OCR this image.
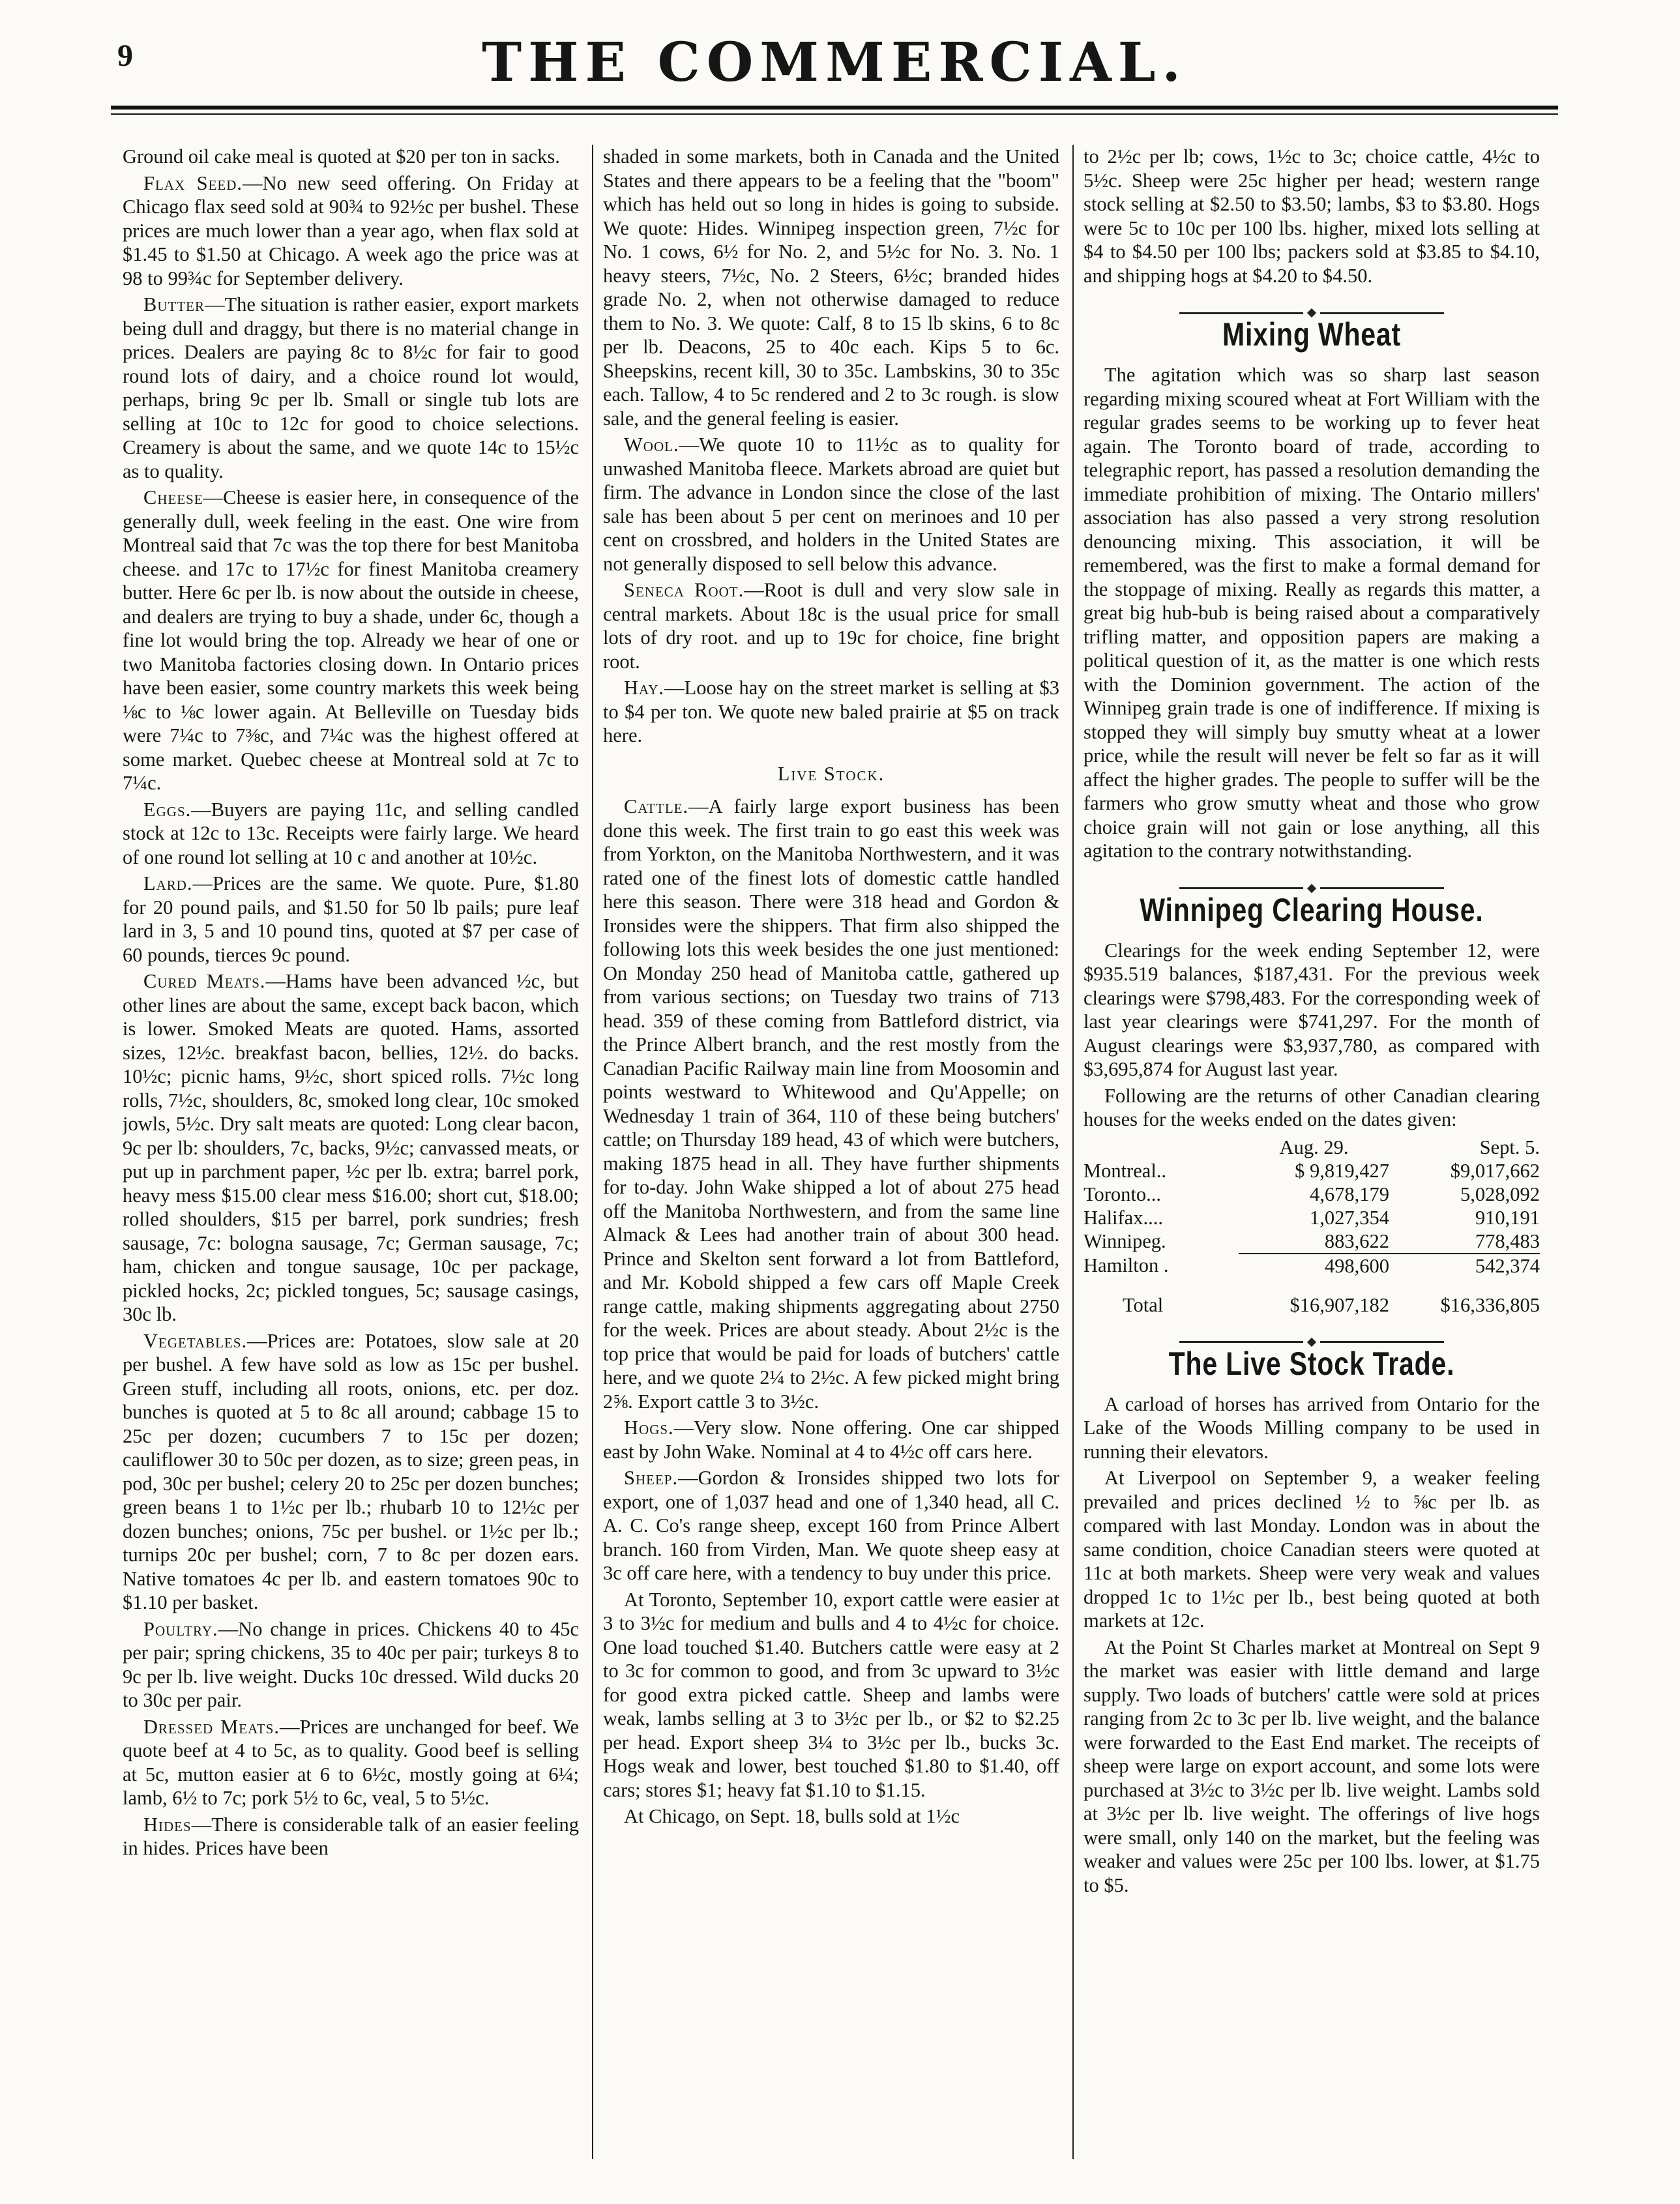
9	THE COMMERCIAL.

Ground oil cake meal is quoted at $20 per ton in sacks.

Flax Seed.—No new seed offering. On Friday at Chicago flax seed sold at 90¾ to 92½c per bushel. These prices are much lower than a year ago, when flax sold at $1.45 to $1.50 at Chicago. A week ago the price was at 98 to 99¾c for September delivery.

Butter—The situation is rather easier, export markets being dull and draggy, but there is no material change in prices. Dealers are paying 8c to 8½c for fair to good round lots of dairy, and a choice round lot would, perhaps, bring 9c per lb. Small or single tub lots are selling at 10c to 12c for good to choice selections. Creamery is about the same, and we quote 14c to 15½c as to quality.

Cheese—Cheese is easier here, in consequence of the generally dull, week feeling in the east. One wire from Montreal said that 7c was the top there for best Manitoba cheese. and 17c to 17½c for finest Manitoba creamery butter. Here 6c per lb. is now about the outside in cheese, and dealers are trying to buy a shade, under 6c, though a fine lot would bring the top. Already we hear of one or two Manitoba factories closing down. In Ontario prices have been easier, some country markets this week being ⅛c to ⅛c lower again. At Belleville on Tuesday bids were 7¼c to 7⅜c, and 7¼c was the highest offered at some market. Quebec cheese at Montreal sold at 7c to 7¼c.

Eggs.—Buyers are paying 11c, and selling candled stock at 12c to 13c. Receipts were fairly large. We heard of one round lot selling at 10 c and another at 10½c.

Lard.—Prices are the same. We quote. Pure, $1.80 for 20 pound pails, and $1.50 for 50 lb pails; pure leaf lard in 3, 5 and 10 pound tins, quoted at $7 per case of 60 pounds, tierces 9c pound.

Cured Meats.—Hams have been advanced ½c, but other lines are about the same, except back bacon, which is lower. Smoked Meats are quoted. Hams, assorted sizes, 12½c. breakfast bacon, bellies, 12½. do backs. 10½c; picnic hams, 9½c, short spiced rolls. 7½c long rolls, 7½c, shoulders, 8c, smoked long clear, 10c smoked jowls, 5½c. Dry salt meats are quoted: Long clear bacon, 9c per lb: shoulders, 7c, backs, 9½c; canvassed meats, or put up in parchment paper, ½c per lb. extra; barrel pork, heavy mess $15.00 clear mess $16.00; short cut, $18.00; rolled shoulders, $15 per barrel, pork sundries; fresh sausage, 7c: bologna sausage, 7c; German sausage, 7c; ham, chicken and tongue sausage, 10c per package, pickled hocks, 2c; pickled tongues, 5c; sausage casings, 30c lb.

Vegetables.—Prices are: Potatoes, slow sale at 20 per bushel. A few have sold as low as 15c per bushel. Green stuff, including all roots, onions, etc. per doz. bunches is quoted at 5 to 8c all around; cabbage 15 to 25c per dozen; cucumbers 7 to 15c per dozen; cauliflower 30 to 50c per dozen, as to size; green peas, in pod, 30c per bushel; celery 20 to 25c per dozen bunches; green beans 1 to 1½c per lb.; rhubarb 10 to 12½c per dozen bunches; onions, 75c per bushel. or 1½c per lb.; turnips 20c per bushel; corn, 7 to 8c per dozen ears. Native tomatoes 4c per lb. and eastern tomatoes 90c to $1.10 per basket.

Poultry.—No change in prices. Chickens 40 to 45c per pair; spring chickens, 35 to 40c per pair; turkeys 8 to 9c per lb. live weight. Ducks 10c dressed. Wild ducks 20 to 30c per pair.

Dressed Meats.—Prices are unchanged for beef. We quote beef at 4 to 5c, as to quality. Good beef is selling at 5c, mutton easier at 6 to 6½c, mostly going at 6¼; lamb, 6½ to 7c; pork 5½ to 6c, veal, 5 to 5½c.

Hides—There is considerable talk of an easier feeling in hides. Prices have been

shaded in some markets, both in Canada and the United States and there appears to be a feeling that the "boom" which has held out so long in hides is going to subside. We quote: Hides. Winnipeg inspection green, 7½c for No. 1 cows, 6½ for No. 2, and 5½c for No. 3. No. 1 heavy steers, 7½c, No. 2 Steers, 6½c; branded hides grade No. 2, when not otherwise damaged to reduce them to No. 3. We quote: Calf, 8 to 15 lb skins, 6 to 8c per lb. Deacons, 25 to 40c each. Kips 5 to 6c. Sheepskins, recent kill, 30 to 35c. Lambskins, 30 to 35c each. Tallow, 4 to 5c rendered and 2 to 3c rough. is slow sale, and the general feeling is easier.

Wool.—We quote 10 to 11½c as to quality for unwashed Manitoba fleece. Markets abroad are quiet but firm. The advance in London since the close of the last sale has been about 5 per cent on merinoes and 10 per cent on crossbred, and holders in the United States are not generally disposed to sell below this advance.

Seneca Root.—Root is dull and very slow sale in central markets. About 18c is the usual price for small lots of dry root. and up to 19c for choice, fine bright root.

Hay.—Loose hay on the street market is selling at $3 to $4 per ton. We quote new baled prairie at $5 on track here.

Live Stock.

Cattle.—A fairly large export business has been done this week. The first train to go east this week was from Yorkton, on the Manitoba Northwestern, and it was rated one of the finest lots of domestic cattle handled here this season. There were 318 head and Gordon & Ironsides were the shippers. That firm also shipped the following lots this week besides the one just mentioned: On Monday 250 head of Manitoba cattle, gathered up from various sections; on Tuesday two trains of 713 head. 359 of these coming from Battleford district, via the Prince Albert branch, and the rest mostly from the Canadian Pacific Railway main line from Moosomin and points westward to Whitewood and Qu'Appelle; on Wednesday 1 train of 364, 110 of these being butchers' cattle; on Thursday 189 head, 43 of which were butchers, making 1875 head in all. They have further shipments for to-day. John Wake shipped a lot of about 275 head off the Manitoba Northwestern, and from the same line Almack & Lees had another train of about 300 head. Prince and Skelton sent forward a lot from Battleford, and Mr. Kobold shipped a few cars off Maple Creek range cattle, making shipments aggregating about 2750 for the week. Prices are about steady. About 2½c is the top price that would be paid for loads of butchers' cattle here, and we quote 2¼ to 2½c. A few picked might bring 2⅝. Export cattle 3 to 3½c.

Hogs.—Very slow. None offering. One car shipped east by John Wake. Nominal at 4 to 4½c off cars here.

Sheep.—Gordon & Ironsides shipped two lots for export, one of 1,037 head and one of 1,340 head, all C. A. C. Co's range sheep, except 160 from Prince Albert branch. 160 from Virden, Man. We quote sheep easy at 3c off care here, with a tendency to buy under this price.

At Toronto, September 10, export cattle were easier at 3 to 3½c for medium and bulls and 4 to 4½c for choice. One load touched $1.40. Butchers cattle were easy at 2 to 3c for common to good, and from 3c upward to 3½c for good extra picked cattle. Sheep and lambs were weak, lambs selling at 3 to 3½c per lb., or $2 to $2.25 per head. Export sheep 3¼ to 3½c per lb., bucks 3c. Hogs weak and lower, best touched $1.80 to $1.40, off cars; stores $1; heavy fat $1.10 to $1.15.

At Chicago, on Sept. 18, bulls sold at 1½c

to 2½c per lb; cows, 1½c to 3c; choice cattle, 4½c to 5½c. Sheep were 25c higher per head; western range stock selling at $2.50 to $3.50; lambs, $3 to $3.80. Hogs were 5c to 10c per 100 lbs. higher, mixed lots selling at $4 to $4.50 per 100 lbs; packers sold at $3.85 to $4.10, and shipping hogs at $4.20 to $4.50.

Mixing Wheat

The agitation which was so sharp last season regarding mixing scoured wheat at Fort William with the regular grades seems to be working up to fever heat again. The Toronto board of trade, according to telegraphic report, has passed a resolution demanding the immediate prohibition of mixing. The Ontario millers' association has also passed a very strong resolution denouncing mixing. This association, it will be remembered, was the first to make a formal demand for the stoppage of mixing. Really as regards this matter, a great big hub-bub is being raised about a comparatively trifling matter, and opposition papers are making a political question of it, as the matter is one which rests with the Dominion government. The action of the Winnipeg grain trade is one of indifference. If mixing is stopped they will simply buy smutty wheat at a lower price, while the result will never be felt so far as it will affect the higher grades. The people to suffer will be the farmers who grow smutty wheat and those who grow choice grain will not gain or lose anything, all this agitation to the contrary notwithstanding.

Winnipeg Clearing House.

Clearings for the week ending September 12, were $935.519 balances, $187,431. For the previous week clearings were $798,483. For the corresponding week of last year clearings were $741,297. For the month of August clearings were $3,937,780, as compared with $3,695,874 for August last year.

Following are the returns of other Canadian clearing houses for the weeks ended on the dates given:

	Aug. 29.	Sept. 5.
Montreal..	$ 9,819,427	$9,017,662
Toronto...	4,678,179	5,028,092
Halifax....	1,027,354	910,191
Winnipeg.	883,622	778,483
Hamilton .	498,600	542,374
Total	$16,907,182	$16,336,805
The Live Stock Trade.

A carload of horses has arrived from Ontario for the Lake of the Woods Milling company to be used in running their elevators.

At Liverpool on September 9, a weaker feeling prevailed and prices declined ½ to ⅝c per lb. as compared with last Monday. London was in about the same condition, choice Canadian steers were quoted at 11c at both markets. Sheep were very weak and values dropped 1c to 1½c per lb., best being quoted at both markets at 12c.

At the Point St Charles market at Montreal on Sept 9 the market was easier with little demand and large supply. Two loads of butchers' cattle were sold at prices ranging from 2c to 3c per lb. live weight, and the balance were forwarded to the East End market. The receipts of sheep were large on export account, and some lots were purchased at 3½c to 3½c per lb. live weight. Lambs sold at 3½c per lb. live weight. The offerings of live hogs were small, only 140 on the market, but the feeling was weaker and values were 25c per 100 lbs. lower, at $1.75 to $5.
